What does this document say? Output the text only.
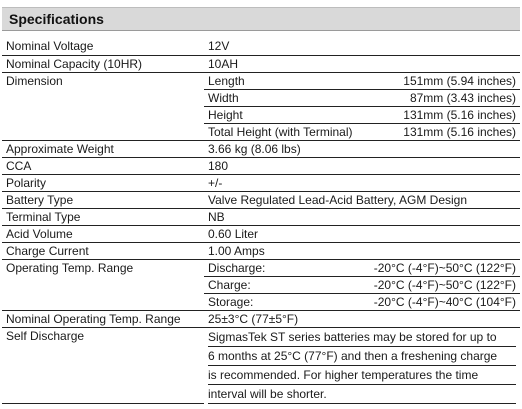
Specifications
Nominal Voltage	12V	
Nominal Capacity (10HR)	10AH	
Dimension	Length	151mm (5.94 inches)
	Width	87mm (3.43 inches)
	Height	131mm (5.16 inches)
	Total Height (with Terminal)	131mm (5.16 inches)
Approximate Weight	3.66 kg (8.06 lbs)	
CCA	180	
Polarity	+/-	
Battery Type	Valve Regulated Lead-Acid Battery, AGM Design	
Terminal Type	NB	
Acid Volume	0.60 Liter	
Charge Current	1.00 Amps	
Operating Temp. Range	Discharge:	-20°C (-4°F)~50°C (122°F)
	Charge:	-20°C (-4°F)~50°C (122°F)
	Storage:	-20°C (-4°F)~40°C (104°F)
Nominal Operating Temp. Range	25±3°C (77±5°F)	
Self Discharge	SigmasTek ST series batteries may be stored for up to
6 months at 25°C (77°F) and then a freshening charge
is recommended. For higher temperatures the time
interval will be shorter.	
